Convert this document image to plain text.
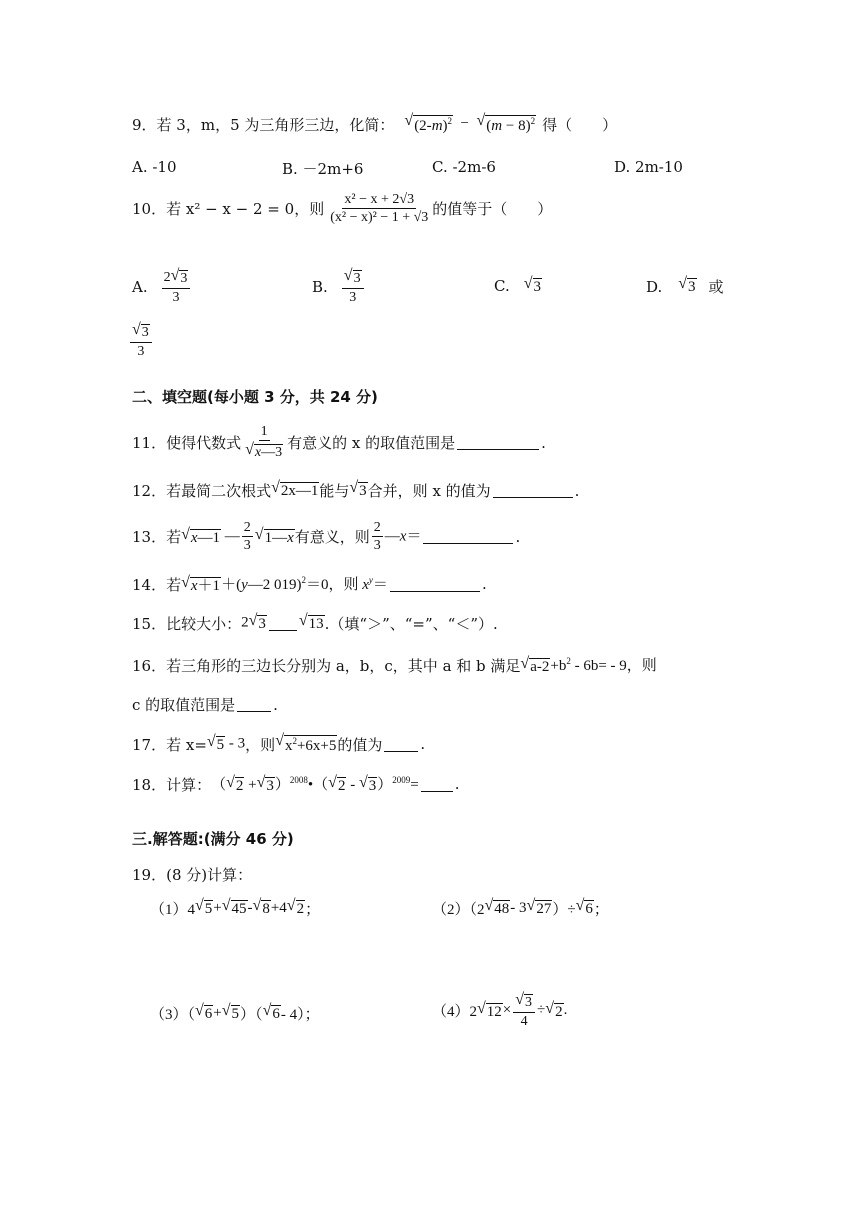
9．若 3，m，5 为三角形三边，化简： √ $(2-m)^2$ − √ $(m - 8)^2$ 得（　　）
A. -10	B. －2m+6	C. -2m-6	D. 2m-10
10．若 x² − x − 2 = 0，则 $\frac{\text{x² − x + 2√3}}{\text{(x² − x)² − 1 + √3}}$ 的值等于（　　）
A. $\frac{2 √ 3}{3}$	B. $\frac{√ 3}{3}$	C. √ 3	D. √ 3 或
$\frac{√ 3}{3}$
二、填空题(每小题 3 分，共 24 分)
11．使得代数式 $\frac{1}{√ x—3}$ 有意义的 x 的取值范围是	.
12．若最简二次根式 √ 2x—1 能与 √ 3 合并，则 x 的值为	.
13．若 √ x—1 — $\frac{2}{3}$ √ 1—x 有意义，则 $\frac{2}{3}$ —x＝	.
14．若 √ x＋1 ＋(y—2 019)$^2$＝0，则 $x^y=$	.
15．比较大小： 2 √ 3 √ 13 .（填“＞”、“=”、“＜”）.
16．若三角形的三边长分别为 a，b，c，其中 a 和 b 满足 √ $a-2 +b^2 - 6b= - 9$，则
c 的取值范围是	.
17．若 x= √ 5 - 3 ，则 √ $x^2+6x+5$ 的值为	.
18．计算： （ √ 2 + √ 3 ）$^{2008}$•（ √ 2 - √ 3 ）$^{2009}$= .
三.解答题:(满分 46 分)
19．(8 分)计算：
（1）4 √ 5 + √ 45 - √ 8 +4 √ 2 ；	（2）（2 √ 48 - 3 √ 27 ）÷ √ 6 ；
（3）（ √ 6 + √ 5 ）（ √ 6 - 4）；	（4）2 √ $12 \times \frac{√ 3}{4}$ ÷ √ 2 .
